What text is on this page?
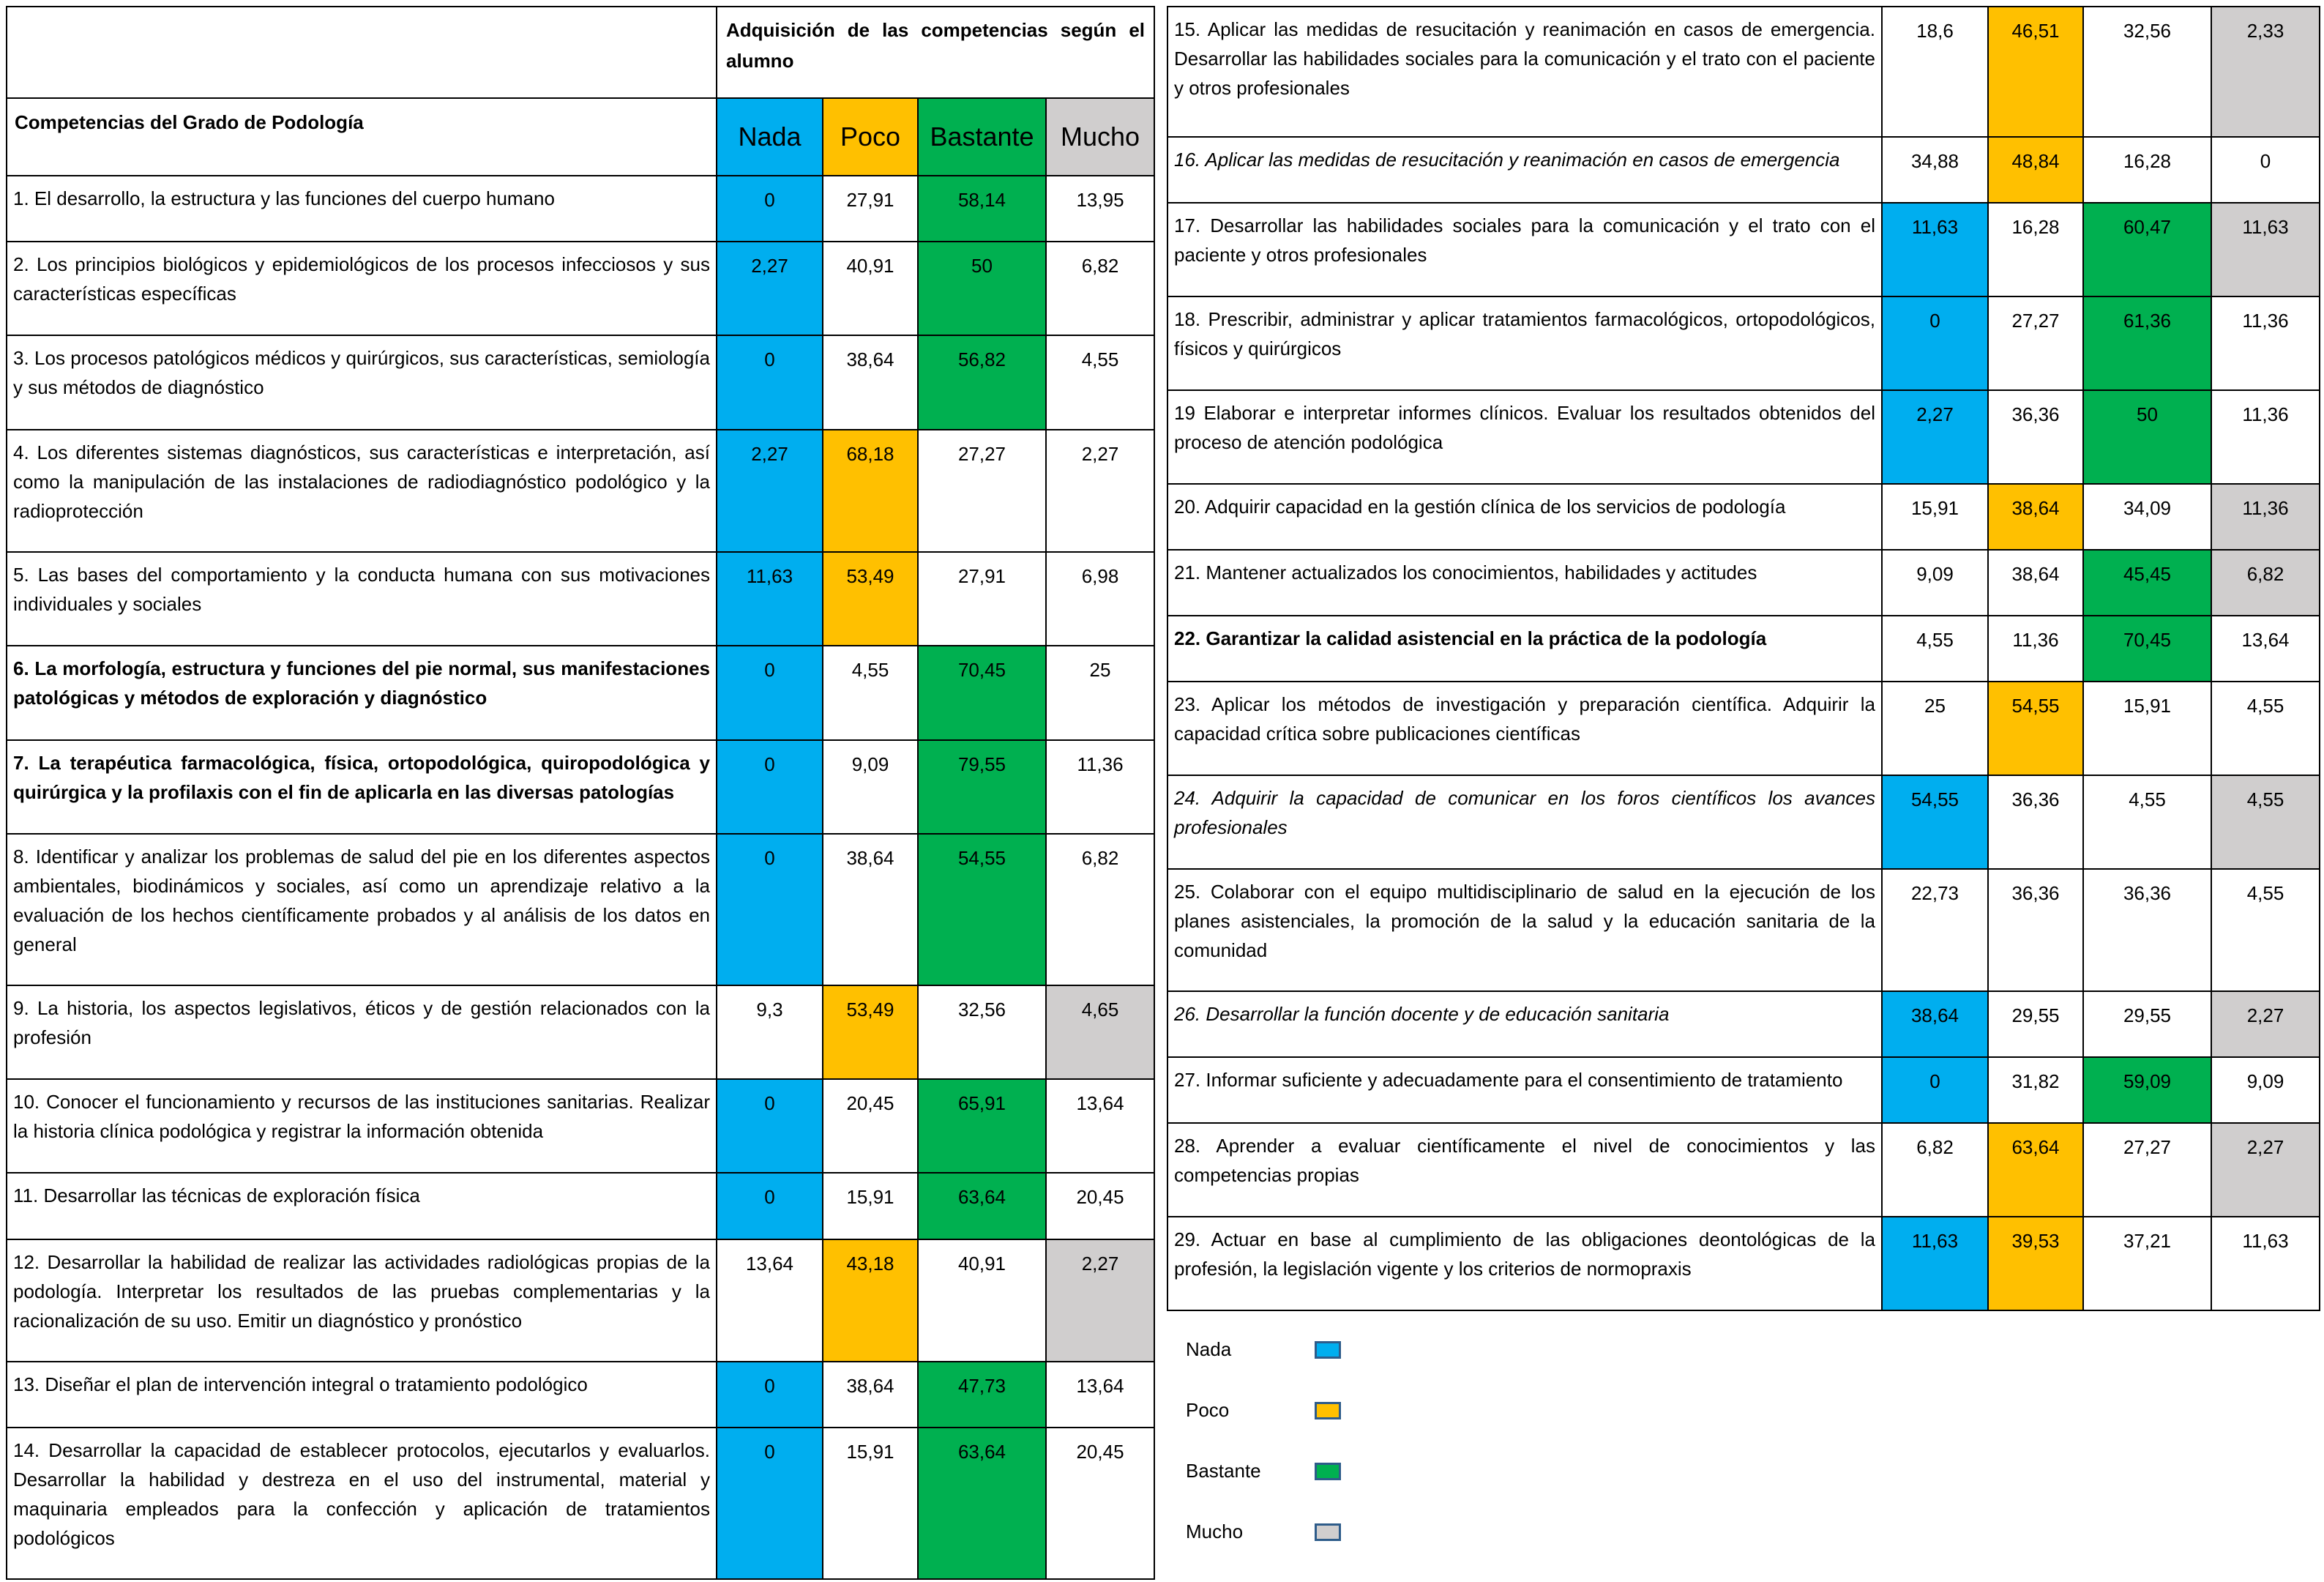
	Adquisición de las competencias según el alumno			
Competencias del Grado de Podología	Nada	Poco	Bastante	Mucho
1. El desarrollo, la estructura y las funciones del cuerpo humano	0	27,91	58,14	13,95
2. Los principios biológicos y epidemiológicos de los procesos infecciosos y sus características específicas	2,27	40,91	50	6,82
3. Los procesos patológicos médicos y quirúrgicos, sus características, semiología y sus métodos de diagnóstico	0	38,64	56,82	4,55
4. Los diferentes sistemas diagnósticos, sus características e interpretación, así como la manipulación de las instalaciones de radiodiagnóstico podológico y la radioprotección	2,27	68,18	27,27	2,27
5. Las bases del comportamiento y la conducta humana con sus motivaciones individuales y sociales	11,63	53,49	27,91	6,98
6. La morfología, estructura y funciones del pie normal, sus manifestaciones patológicas y métodos de exploración y diagnóstico	0	4,55	70,45	25
7. La terapéutica farmacológica, física, ortopodológica, quiropodológica y quirúrgica y la profilaxis con el fin de aplicarla en las diversas patologías	0	9,09	79,55	11,36
8. Identificar y analizar los problemas de salud del pie en los diferentes aspectos ambientales, biodinámicos y sociales, así como un aprendizaje relativo a la evaluación de los hechos científicamente probados y al análisis de los datos en general	0	38,64	54,55	6,82
9. La historia, los aspectos legislativos, éticos y de gestión relacionados con la profesión	9,3	53,49	32,56	4,65
10. Conocer el funcionamiento y recursos de las instituciones sanitarias. Realizar la historia clínica podológica y registrar la información obtenida	0	20,45	65,91	13,64
11. Desarrollar las técnicas de exploración física	0	15,91	63,64	20,45
12. Desarrollar la habilidad de realizar las actividades radiológicas propias de la podología. Interpretar los resultados de las pruebas complementarias y la racionalización de su uso. Emitir un diagnóstico y pronóstico	13,64	43,18	40,91	2,27
13. Diseñar el plan de intervención integral o tratamiento podológico	0	38,64	47,73	13,64
14. Desarrollar la capacidad de establecer protocolos, ejecutarlos y evaluarlos. Desarrollar la habilidad y destreza en el uso del instrumental, material y maquinaria empleados para la confección y aplicación de tratamientos podológicos	0	15,91	63,64	20,45
15. Aplicar las medidas de resucitación y reanimación en casos de emergencia. Desarrollar las habilidades sociales para la comunicación y el trato con el paciente y otros profesionales	18,6	46,51	32,56	2,33
16. Aplicar las medidas de resucitación y reanimación en casos de emergencia	34,88	48,84	16,28	0
17. Desarrollar las habilidades sociales para la comunicación y el trato con el paciente y otros profesionales	11,63	16,28	60,47	11,63
18. Prescribir, administrar y aplicar tratamientos farmacológicos, ortopodológicos, físicos y quirúrgicos	0	27,27	61,36	11,36
19 Elaborar e interpretar informes clínicos. Evaluar los resultados obtenidos del proceso de atención podológica	2,27	36,36	50	11,36
20. Adquirir capacidad en la gestión clínica de los servicios de podología	15,91	38,64	34,09	11,36
21. Mantener actualizados los conocimientos, habilidades y actitudes	9,09	38,64	45,45	6,82
22. Garantizar la calidad asistencial en la práctica de la podología	4,55	11,36	70,45	13,64
23. Aplicar los métodos de investigación y preparación científica. Adquirir la capacidad crítica sobre publicaciones científicas	25	54,55	15,91	4,55
24. Adquirir la capacidad de comunicar en los foros científicos los avances profesionales	54,55	36,36	4,55	4,55
25. Colaborar con el equipo multidisciplinario de salud en la ejecución de los planes asistenciales, la promoción de la salud y la educación sanitaria de la comunidad	22,73	36,36	36,36	4,55
26. Desarrollar la función docente y de educación sanitaria	38,64	29,55	29,55	2,27
27. Informar suficiente y adecuadamente para el consentimiento de tratamiento	0	31,82	59,09	9,09
28. Aprender a evaluar científicamente el nivel de conocimientos y las competencias propias	6,82	63,64	27,27	2,27
29. Actuar en base al cumplimiento de las obligaciones deontológicas de la profesión, la legislación vigente y los criterios de normopraxis	11,63	39,53	37,21	11,63
Nada
Poco
Bastante
Mucho
